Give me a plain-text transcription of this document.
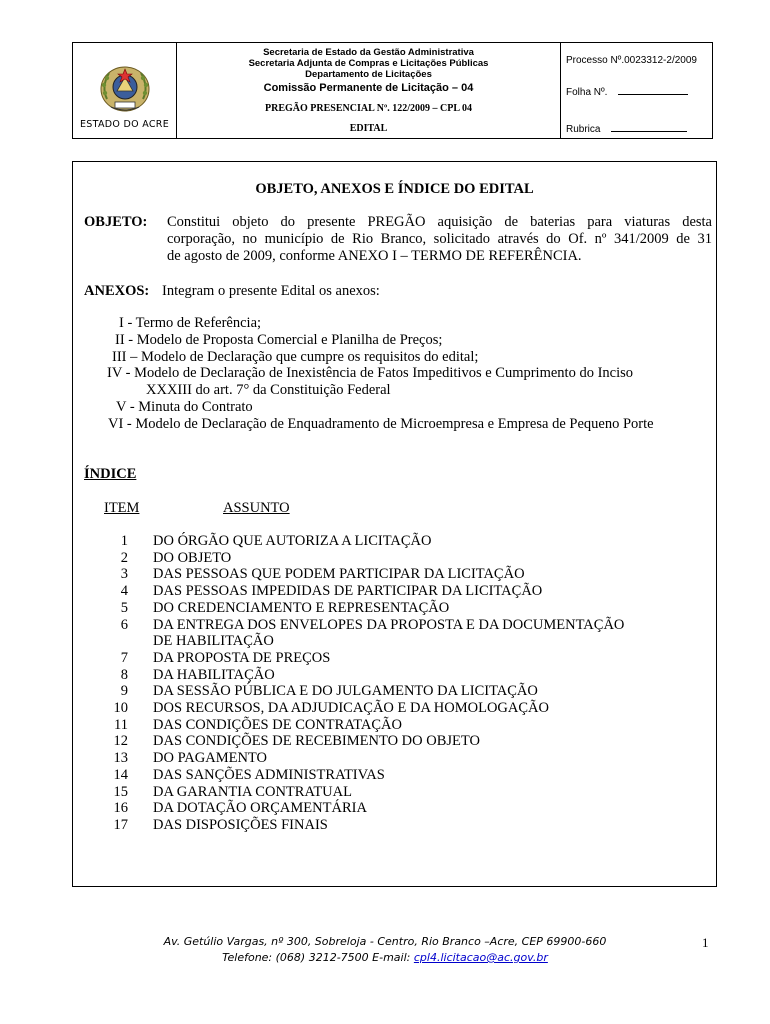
ESTADO DO ACRE
Secretaria de Estado da Gestão Administrativa
Secretaria Adjunta de Compras e Licitações Públicas
Departamento de Licitações
Comissão Permanente de Licitação – 04
PREGÃO PRESENCIAL Nº. 122/2009 – CPL 04
EDITAL
Processo Nº.0023312-2/2009
Folha Nº.
Rubrica
OBJETO, ANEXOS E ÍNDICE DO EDITAL
OBJETO: Constitui objeto do presente PREGÃO aquisição de baterias para viaturas desta
corporação, no município de Rio Branco, solicitado através do Of. nº 341/2009 de 31
de agosto de 2009, conforme ANEXO I – TERMO DE REFERÊNCIA.
ANEXOS: Integram o presente Edital os anexos:
I - Termo de Referência;
II - Modelo de Proposta Comercial e Planilha de Preços;
III – Modelo de Declaração que cumpre os requisitos do edital;
IV - Modelo de Declaração de Inexistência de Fatos Impeditivos e Cumprimento do Inciso
XXXIII do art. 7° da Constituição Federal
V - Minuta do Contrato
VI - Modelo de Declaração de Enquadramento de Microempresa e Empresa de Pequeno Porte
ÍNDICE
ITEM	ASSUNTO
1 DO ÓRGÃO QUE AUTORIZA A LICITAÇÃO
2 DO OBJETO
3 DAS PESSOAS QUE PODEM PARTICIPAR DA LICITAÇÃO
4 DAS PESSOAS IMPEDIDAS DE PARTICIPAR DA LICITAÇÃO
5 DO CREDENCIAMENTO E REPRESENTAÇÃO
6 DA ENTREGA DOS ENVELOPES DA PROPOSTA E DA DOCUMENTAÇÃO
DE HABILITAÇÃO
7 DA PROPOSTA DE PREÇOS
8 DA HABILITAÇÃO
9 DA SESSÃO PÚBLICA E DO JULGAMENTO DA LICITAÇÃO
10 DOS RECURSOS, DA ADJUDICAÇÃO E DA HOMOLOGAÇÃO
11 DAS CONDIÇÕES DE CONTRATAÇÃO
12 DAS CONDIÇÕES DE RECEBIMENTO DO OBJETO
13 DO PAGAMENTO
14 DAS SANÇÕES ADMINISTRATIVAS
15 DA GARANTIA CONTRATUAL
16 DA DOTAÇÃO ORÇAMENTÁRIA
17 DAS DISPOSIÇÕES FINAIS
Av. Getúlio Vargas, nº 300, Sobreloja - Centro, Rio Branco –Acre, CEP 69900-660
Telefone: (068) 3212-7500 E-mail: cpl4.licitacao@ac.gov.br
1
